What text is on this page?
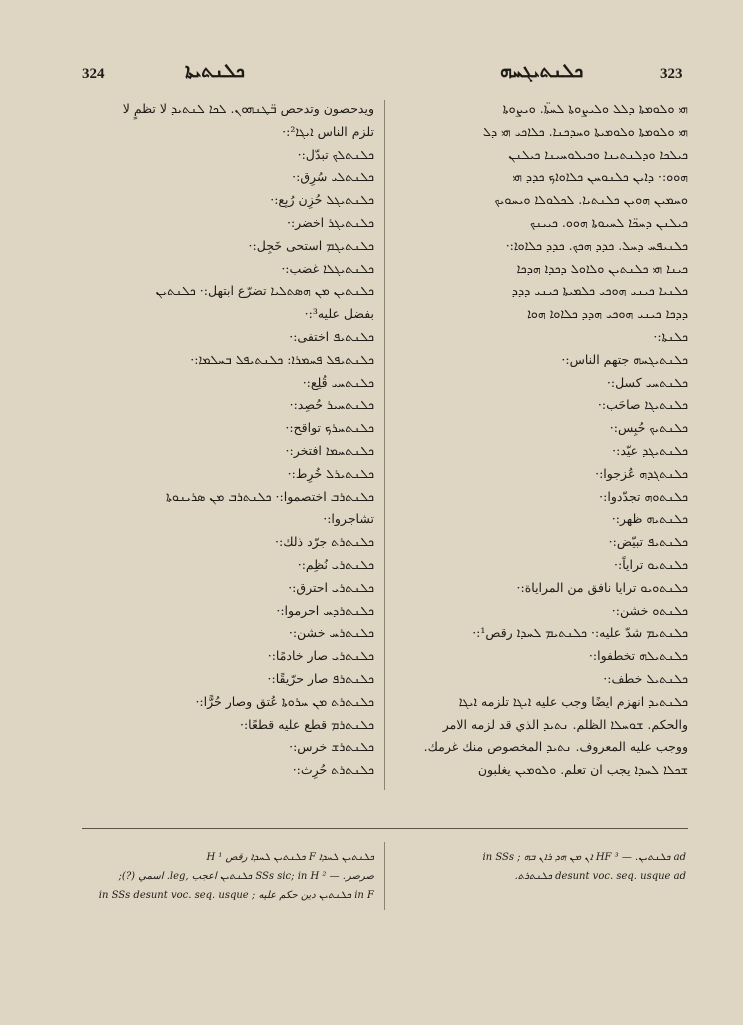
324	ܟܠܢܬܝܬܐ	ܟܠܢܬܝܓܚܗ	323
ويدحصون وتدحص ܒ̈ܛܢܗܘܢ. ܠܟܐ ܠܢܬܝܕ لا تظمٍ لا
تلزم الناس ܐܝܓܐ²:·
ܟܠܢܬܠܟ تبدّل:·
ܟܠܢܬܠܝ سُرِق:·
ܟܠܢܬܝܓܠ حُزِن رُبِع:·
ܟܠܢܬܝܓܪ اخضر:·
ܟܠܢܬܝܓܡ استحى خَجِل:·
ܟܠܢܬܝܓܠܐ غضب:·
ܟܠܢܬܝܢ ܡܢ ܗܣܬܠܝܐ تضرّع ابتهل:· ܟܠܢܬܝܢ
بفضل عليه³:·
ܟܠܢܬܝܦ اختفى:·
ܟܠܢܬܝܦܠ ܦܚܡܪܐ: ܟܠܢܬܝܦܠ ܒܚܠܡܐ:·
ܟܠܢܬܚܝ قُلِع:·
ܟܠܢܬܚܝܪ حُصِد:·
ܟܠܢܬܚܪܟ تواقح:·
ܟܠܢܬܚܡܐ افتخر:·
ܟܠܢܬܝܪܠ خُرِط:·
ܟܠܢܬܪܒ اختصموا:· ܟܠܢܬܪܒ ܡܢ ܣܪܝܢܘܬܐ
تشاجروا:·
ܟܠܢܬܪܬ جرّد ذلك:·
ܟܠܢܬܪܝ نُظِم:·
ܟܠܢܬܪܝ احترق:·
ܟܠܢܬܪܕܚ احرموا:·
ܟܠܢܬܪܚ خشن:·
ܟܠܢܬܪܝ صار خادمًا:·
ܟܠܢܬܪܦ صار حرّيقًا:·
ܟܠܢܬܪܬ ܡܢ ܚܪܘܬܐ عُتق وصار حُرًّا:·
ܟܠܢܬܪܡ قطع عليه قطعًا:·
ܟܠܢܬܪܫ خرس:·
ܟܠܢܬܪܬ حُرِث:·
ܗܝ ܘܠܘܡܬܐ ܕܠܠ ܘܠܝܨܘܬܐ ܠܚܬ̈ܐ. ܘܝܨܘܬܐ
ܗܝ ܘܠܘܡܬܐ ܘܠܘܡܝܬܐ ܘܚܕܟܢܐ. ܟܠܐܟܝ ܗܝ ܕܠ
ܟܝܠܟܐ ܘܕܠܢܬܝܢܐ ܘܟܝܠܘܚܝܢܐ ܟܝܠܢܢ
ܗܘܘ:· ܕܐܝܢ ܟܠܢܘܚܢ ܟܠܐܘܐܟ ܟܕܕ ܗܝ
ܘܚܡܝܢ ܗܘܝܢ ܟܠܢܬܝܐ. ܠܟܠܘܠܐ ܘܝܚܘܝܟ
ܟܝܠܢܢ ܕܚܟ̈ܐ ܠܚܝܘܬܐ ܗܘܘ. ܟܝܝܢܟ
ܟܠܢܝܦܚ ܕܚܠ. ܟܕܕ ܗܟܟ. ܟܕܕ ܟܠܐܘܐ:·
ܟܝܢܐ ܗܝ ܟܠܢܬܝܢ ܘܠܐܘܠ ܕܟܕܐ ܗܕܟܐ
ܟܠܢܝܐ ܟܝܢܝ ܗܘܟܝ ܟܠܡܝܬܐ ܟܝܢܝ ܕܕܕ
ܕܕܟܐ ܟܝܢܝ ܗܘܟܝ ܗܕܕ ܟܠܐܘܐ ܗܘܐ
ܟܠܢܬܐ:·
ܟܠܢܬܝܓܚܗ جتهم الناس:·
ܟܠܢܬܚܝ كسل:·
ܟܠܢܬܝܓܐ صاحَب:·
ܟܠܢܬܝܟ حُبِس:·
ܟܠܢܬܝܓܕ عيّد:·
ܟܠܢܬܓܕܗ عُزجوا:·
ܟܠܢܬܘܗ تجدّدوا:·
ܟܠܢܬܝܗ ظهر:·
ܟܠܢܬܝܦ تبيّض:·
ܟܠܢܬܝܘ تراياً:·
ܟܠܢܬܘܝܘ ترايا نافق من المراياة:·
ܟܠܢܬܘ خشن:·
ܟܠܢܬܝܡ شدّ عليه:· ܟܠܢܬܝܡ ܠܚܕܐ رقص¹:·
ܟܠܢܬܝܠܗ تخطفوا:·
ܟܠܢܬܝܠ خطف:·
ܟܠܢܬܝܕ انهزم ايضًا وجب عليه ܐܝܓܐ تلزمه ܐܝܓܐ
والحكم. ܫܘܚܠܐ الظلم. ܢܬܝܕ الذي قد لزمه الامر
ووجب عليه المعروف. ܢܬܝܕ المخصوص منك غرمك.
ܫܟܠܐ ܠܚܕܐ يجب ان تعلم. ܘܠܘܡܝܢ يغلبون
ܟܠܢܬܝܢ ܠܚܕܐ F ܟܠܢܬܝܢ ܠܚܕܐ رقص H ¹
صرصر. — ² SSs sic; in H ܟܠܢܬܝܢ اعجب ,leg. اسمي (?);
in F ܟܠܢܬܝܢ دين حكم عليه ; in SSs desunt voc. seq. usque
ad ܟܠܢܬܝܢ. — ³ HF ܐܢ ܡܢ ܗܕ ܪܐܢ ܒܗ ; in SSs
desunt voc. seq. usque ad ܟܠܢܬܪܬ.
